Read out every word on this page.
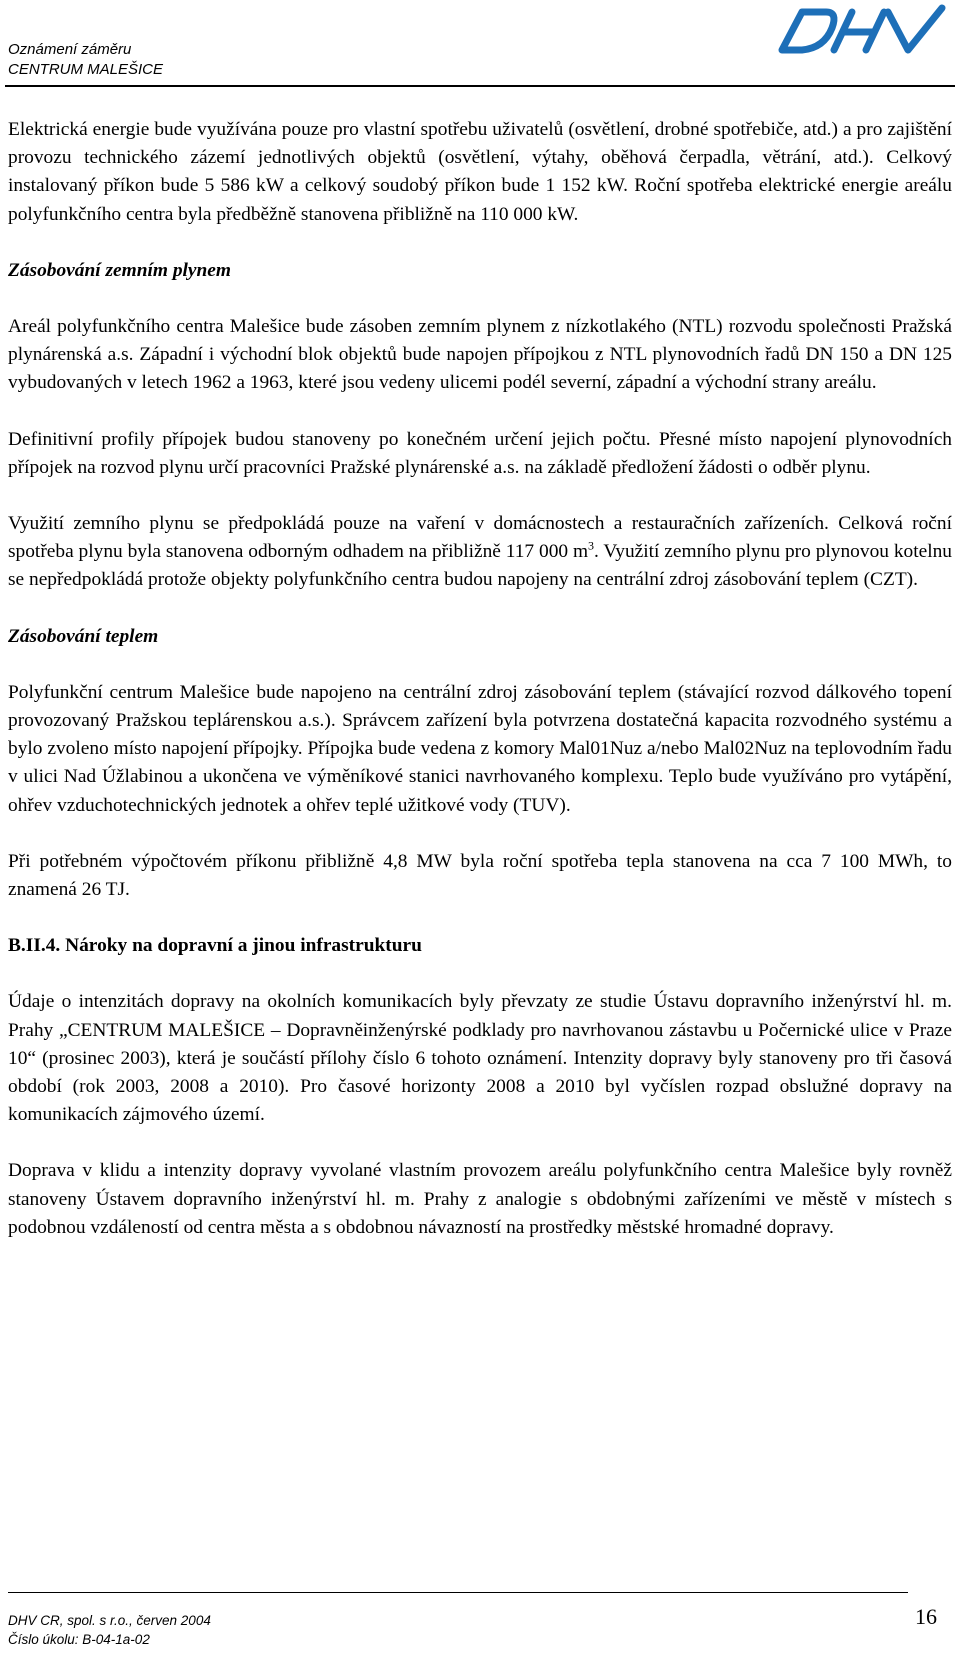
Oznámení záměru
CENTRUM MALEŠICE

Elektrická energie bude využívána pouze pro vlastní spotřebu uživatelů (osvětlení, drobné spotřebiče, atd.) a pro zajištění provozu technického zázemí jednotlivých objektů (osvětlení, výtahy, oběhová čerpadla, větrání, atd.). Celkový instalovaný příkon bude 5 586 kW a celkový soudobý příkon bude 1 152 kW. Roční spotřeba elektrické energie areálu polyfunkčního centra byla předběžně stanovena přibližně na 110 000 kW.

Zásobování zemním plynem

Areál polyfunkčního centra Malešice bude zásoben zemním plynem z nízkotlakého (NTL) rozvodu společnosti Pražská plynárenská a.s. Západní i východní blok objektů bude napojen přípojkou z NTL plynovodních řadů DN 150 a DN 125 vybudovaných v letech 1962 a 1963, které jsou vedeny ulicemi podél severní, západní a východní strany areálu.

Definitivní profily přípojek budou stanoveny po konečném určení jejich počtu. Přesné místo napojení plynovodních přípojek na rozvod plynu určí pracovníci Pražské plynárenské a.s. na základě předložení žádosti o odběr plynu.

Využití zemního plynu se předpokládá pouze na vaření v domácnostech a restauračních zařízeních. Celková roční spotřeba plynu byla stanovena odborným odhadem na přibližně 117 000 $m^3$. Využití zemního plynu pro plynovou kotelnu se nepředpokládá protože objekty polyfunkčního centra budou napojeny na centrální zdroj zásobování teplem (CZT).

Zásobování teplem

Polyfunkční centrum Malešice bude napojeno na centrální zdroj zásobování teplem (stávající rozvod dálkového topení provozovaný Pražskou teplárenskou a.s.). Správcem zařízení byla potvrzena dostatečná kapacita rozvodného systému a bylo zvoleno místo napojení přípojky. Přípojka bude vedena z komory Mal01Nuz a/nebo Mal02Nuz na teplovodním řadu v ulici Nad Úžlabinou a ukončena ve výměníkové stanici navrhovaného komplexu. Teplo bude využíváno pro vytápění, ohřev vzduchotechnických jednotek a ohřev teplé užitkové vody (TUV).

Při potřebném výpočtovém příkonu přibližně 4,8 MW byla roční spotřeba tepla stanovena na cca 7 100 MWh, to znamená 26 TJ.

B.II.4. Nároky na dopravní a jinou infrastrukturu

Údaje o intenzitách dopravy na okolních komunikacích byly převzaty ze studie Ústavu dopravního inženýrství hl. m. Prahy „CENTRUM MALEŠICE – Dopravněinženýrské podklady pro navrhovanou zástavbu u Počernické ulice v Praze 10“ (prosinec 2003), která je součástí přílohy číslo 6 tohoto oznámení. Intenzity dopravy byly stanoveny pro tři časová období (rok 2003, 2008 a 2010). Pro časové horizonty 2008 a 2010 byl vyčíslen rozpad obslužné dopravy na komunikacích zájmového území.

Doprava v klidu a intenzity dopravy vyvolané vlastním provozem areálu polyfunkčního centra Malešice byly rovněž stanoveny Ústavem dopravního inženýrství hl. m. Prahy z analogie s obdobnými zařízeními ve městě v místech s podobnou vzdáleností od centra města a s obdobnou návazností na prostředky městské hromadné dopravy.

DHV CR, spol. s r.o., červen 2004
Číslo úkolu: B-04-1a-02
16
